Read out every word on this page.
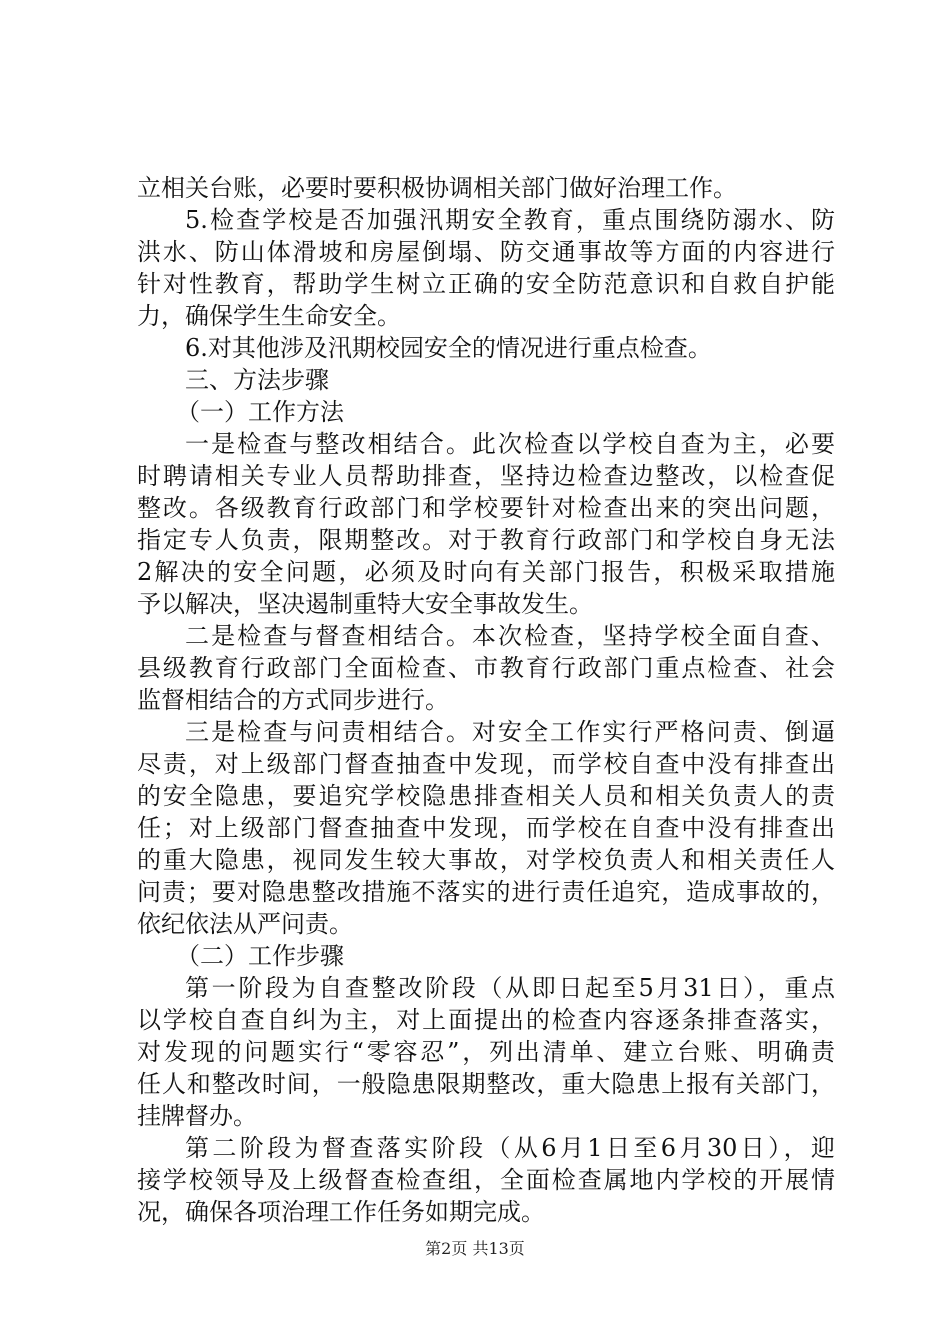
立相关台账，必要时要积极协调相关部门做好治理工作。
5.检查学校是否加强汛期安全教育，重点围绕防溺水、防
洪水、防山体滑坡和房屋倒塌、防交通事故等方面的内容进行
针对性教育，帮助学生树立正确的安全防范意识和自救自护能
力，确保学生生命安全。
6.对其他涉及汛期校园安全的情况进行重点检查。
三、方法步骤
（一）工作方法
一是检查与整改相结合。此次检查以学校自查为主，必要
时聘请相关专业人员帮助排查，坚持边检查边整改，以检查促
整改。各级教育行政部门和学校要针对检查出来的突出问题，
指定专人负责，限期整改。对于教育行政部门和学校自身无法
2解决的安全问题，必须及时向有关部门报告，积极采取措施
予以解决，坚决遏制重特大安全事故发生。
二是检查与督查相结合。本次检查，坚持学校全面自查、
县级教育行政部门全面检查、市教育行政部门重点检查、社会
监督相结合的方式同步进行。
三是检查与问责相结合。对安全工作实行严格问责、倒逼
尽责，对上级部门督查抽查中发现，而学校自查中没有排查出
的安全隐患，要追究学校隐患排查相关人员和相关负责人的责
任；对上级部门督查抽查中发现，而学校在自查中没有排查出
的重大隐患，视同发生较大事故，对学校负责人和相关责任人
问责；要对隐患整改措施不落实的进行责任追究，造成事故的，
依纪依法从严问责。
（二）工作步骤
第一阶段为自查整改阶段（从即日起至5月31日），重点
以学校自查自纠为主，对上面提出的检查内容逐条排查落实，
对发现的问题实行“零容忍”，列出清单、建立台账、明确责
任人和整改时间，一般隐患限期整改，重大隐患上报有关部门，
挂牌督办。
第二阶段为督查落实阶段（从6月1日至6月30日），迎
接学校领导及上级督查检查组，全面检查属地内学校的开展情
况，确保各项治理工作任务如期完成。
第2页 共13页
